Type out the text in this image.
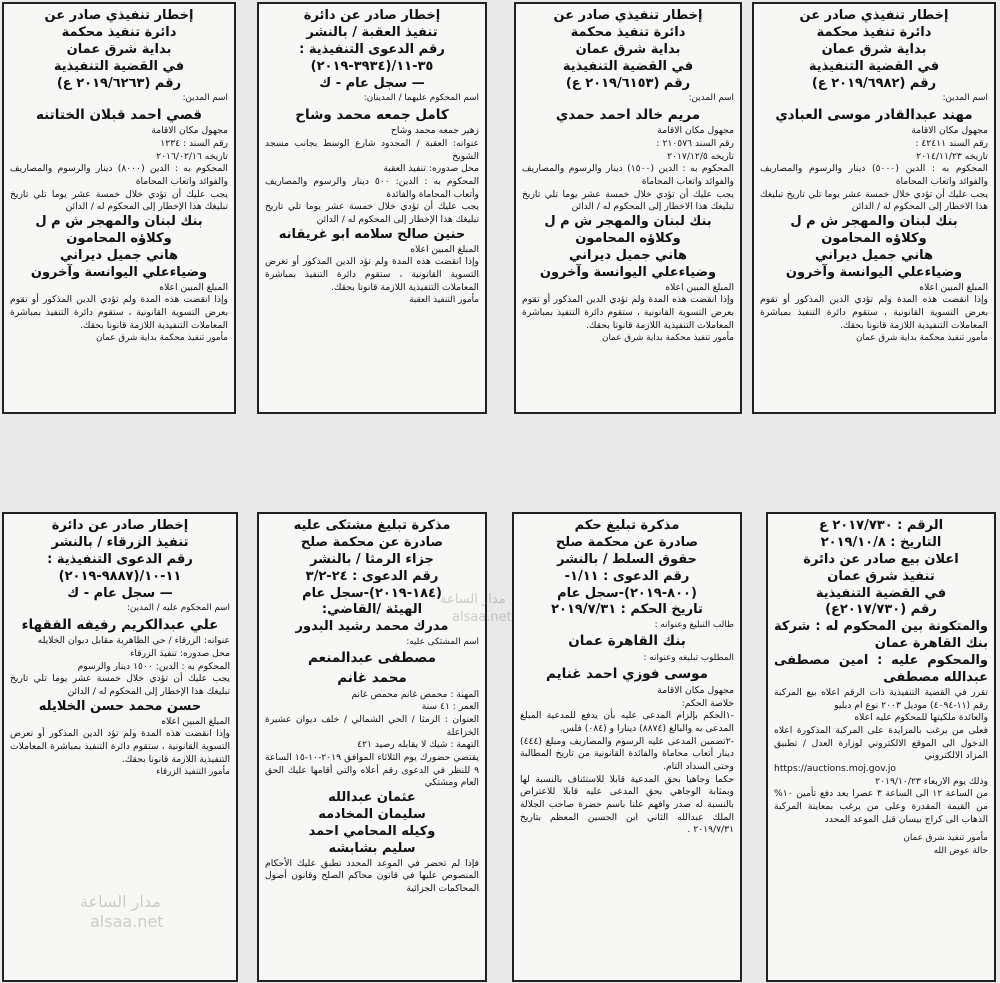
إخطار تنفيذي صادر عن
دائرة تنفيذ محكمة
بداية شرق عمان
في القضية التنفيذية
رقم (٢٠١٩/٦٩٨٢ ع)

اسم المدين:

مهند عبدالقادر موسى العبادي

مجهول مكان الاقامة

رقم السند ٤٢٤١١ :

تاريخه ٢٠١٤/١١/٢٣

المحكوم به : الدين (٥٠٠٠) دينار والرسوم والمصاريف والفوائد واتعاب المحاماة

يجب عليك أن تؤدي خلال خمسة عشر يوما تلي تاريخ تبليغك هذا الاخطار إلى المحكوم له / الدائن

بنك لبنان والمهجر ش م ل
وكلاؤه المحامون
هاني جميل ديراني
وضياءعلي اليوانسة وآخرون

المبلغ المبين اعلاه

وإذا انقضت هذه المدة ولم تؤدي الدين المذكور أو تقوم بعرض التسوية القانونية ، ستقوم دائرة التنفيذ بمباشرة المعاملات التنفيذية اللازمة قانونا بحقك.

مأمور تنفيذ محكمة بداية شرق عمان

إخطار تنفيذي صادر عن
دائرة تنفيذ محكمة
بداية شرق عمان
في القضية التنفيذية
رقم (٢٠١٩/٦١٥٣ ع)

اسم المدين:

مريم خالد احمد حمدي

مجهول مكان الاقامة

رقم السند ٢١٠٥٧٦ :

تاريخه ٢٠١٧/١٢/٥

المحكوم به : الدين (١٥٠٠) دينار والرسوم والمصاريف والفوائد واتعاب المحاماة

يجب عليك أن تؤدي خلال خمسة عشر يوما تلي تاريخ تبليغك هذا الاخطار إلى المحكوم له / الدائن

بنك لبنان والمهجر ش م ل
وكلاؤه المحامون
هاني جميل ديراني
وضياءعلي اليوانسة وآخرون

المبلغ المبين اعلاه

وإذا انقضت هذه المدة ولم تؤدي الدين المذكور أو تقوم بعرض التسوية القانونية ، ستقوم دائرة التنفيذ بمباشرة المعاملات التنفيذية اللازمة قانونا بحقك.

مأمور تنفيذ محكمة بداية شرق عمان

إخطار صادر عن دائرة
تنفيذ العقبة / بالنشر
رقم الدعوى التنفيذية :
٣٥-١١/(٣٩٣٤-٢٠١٩)
— سجل عام - ك

اسم المحكوم عليهما / المدينان:

كامل جمعه محمد وشاح

زهير جمعه محمد وشاح

عنوانه: العقبة / المحدود شارع الوسط بجانب مسجد الشويخ

محل صدوره: تنفيذ العقبة

المحكوم به : الدين: ٥٠٠ دينار والرسوم والمصاريف وأتعاب المحاماة والفائدة

يجب عليك أن تؤدي خلال خمسة عشر يوما تلي تاريخ تبليغك هذا الإخطار إلى المحكوم له / الدائن

حنين صالح سلامه ابو غريقانه

المبلغ المبين اعلاه

وإذا انقضت هذه المدة ولم تؤد الدين المذكور أو تعرض التسوية القانونية ، ستقوم دائرة التنفيذ بمباشرة المعاملات التنفيذية اللازمة قانونا بحقك.

مأمور التنفيذ العقبة

إخطار تنفيذي صادر عن
دائرة تنفيذ محكمة
بداية شرق عمان
في القضية التنفيذية
رقم (٢٠١٩/٦٢٦٣ ع)

اسم المدين:

قصي احمد قبلان الختاتنه

مجهول مكان الاقامة

رقم السند : ١٢٣٤

تاريخه ٢٠١٦/٠٢/١٦

المحكوم به : الدين (٨٠٠٠) دينار والرسوم والمصاريف والفوائد واتعاب المحاماة

يجب عليك أن تؤدي خلال خمسة عشر يوما تلي تاريخ تبليغك هذا الإخطار إلى المحكوم له / الدائن

بنك لبنان والمهجر ش م ل
وكلاؤه المحامون
هاني جميل ديراني
وضياءعلي اليوانسة وآخرون

المبلغ المبين اعلاه

وإذا انقضت هذه المدة ولم تؤدي الدين المذكور أو تقوم بعرض التسوية القانونية ، ستقوم دائرة التنفيذ بمباشرة المعاملات التنفيذية اللازمة قانونا بحقك.

مأمور تنفيذ محكمة بداية شرق عمان

الرقم : ٢٠١٧/٧٣٠ ع
التاريخ : ٢٠١٩/١٠/٨
اعلان بيع صادر عن دائرة
تنفيذ شرق عمان
في القضية التنفيذية
رقم (٢٠١٧/٧٣٠ع)

والمتكونة بين المحكوم له : شركة بنك القاهرة عمان

والمحكوم عليه : امين مصطفى عبدالله مصطفى

تقرر في القضية التنفيذية ذات الرقم اعلاه بيع المركبة رقم (١١-٤٠٩٤) موديل ٢٠٠٣ نوع ام دبليو

والعائدة ملكيتها للمحكوم عليه اعلاه

فعلى من يرغب بالمزايدة على المركبة المذكورة اعلاه الدخول الى الموقع الالكتروني لوزارة العدل / تطبيق المزاد الالكتروني

https://auctions.moj.gov.jo

وذلك يوم الاربعاء ٢٠١٩/١٠/٢٣

من الساعة ١٢ الى الساعة ٣ عصرا بعد دفع تأمين ١٠% من القيمة المقدرة وعلى من يرغب بمعاينة المركبة الذهاب الى كراج بيسان قبل الموعد المحدد

مأمور تنفيذ شرق عمان

حالة عوض الله

مذكرة تبليغ حكم
صادرة عن محكمة صلح
حقوق السلط / بالنشر
رقم الدعوى : ١/١١-
(٨٠٠-٢٠١٩)-سجل عام
تاريخ الحكم : ٢٠١٩/٧/٣١

طالب التبليغ وعنوانه :

بنك القاهرة عمان

المطلوب تبليغه وعنوانه :

موسى فوزي احمد غنايم

مجهول مكان الاقامة

خلاصة الحكم:

-١الحكم بإلزام المدعى عليه بأن يدفع للمدعية المبلغ المدعى به والبالغ (٨٨٧٤) دينارا و (٠٨٤) فلس.

-٢تضمين المدعى عليه الرسوم والمصاريف ومبلغ (٤٤٤) دينار أتعاب محاماة والفائدة القانونية من تاريخ المطالبة وحتى السداد التام.

حكما وجاهيا بحق المدعية قابلا للاستئناف بالنسبة لها وبمثابة الوجاهي بحق المدعى عليه قابلا للاعتراض بالنسبة له صدر وافهم علنا باسم حضرة صاحب الجلالة الملك عبدالله الثاني ابن الحسين المعظم بتاريخ ٢٠١٩/٧/٣١ .

مذكرة تبليغ مشتكى عليه
صادرة عن محكمة صلح
جزاء الرمثا / بالنشر
رقم الدعوى : ٢٤-٣/٢
(١٨٤-٢٠١٩)-سجل عام
الهيئة /القاضي:
مدرك محمد رشيد البدور

اسم المشتكى عليه:

مصطفى عبدالمنعم

محمد غانم

المهنة : محمص غانم محمص غانم

العمر : ٤١ سنة

العنوان : الرمثا / الحي الشمالي / خلف ديوان عشيرة الخزاعلة

التهمة : شيك لا يقابله رصيد ٤٢١

يقتضي حضورك يوم الثلاثاء الموافق ٢٠١٩-١٠-١٥ الساعة ٩ للنظر في الدعوى رقم أعلاه والتي أقامها عليك الحق العام ومشتكي

عثمان عبدالله
سليمان المخادمه
وكيله المحامي احمد
سليم بشابشه

فإذا لم تحضر في الموعد المحدد تطبق عليك الأحكام المنصوص عليها في قانون محاكم الصلح وقانون أصول المحاكمات الجزائية

إخطار صادر عن دائرة
تنفيذ الزرقاء / بالنشر
رقم الدعوى التنفيذية :
١١-١٠/(٩٨٨٧-٢٠١٩)
— سجل عام - ك

اسم المحكوم عليه / المدين:

علي عبدالكريم رفيفه الفقهاء

عنوانه: الزرقاء / حي الظاهرية مقابل ديوان الخلايله

محل صدوره: تنفيذ الزرقاء

المحكوم به : الدين: ١٥٠٠ دينار والرسوم

يجب عليك أن تؤدي خلال خمسة عشر يوما تلي تاريخ تبليغك هذا الإخطار إلى المحكوم له / الدائن

حسن محمد حسن الخلايله

المبلغ المبين اعلاه

وإذا انقضت هذه المدة ولم تؤد الدين المذكور أو تعرض التسوية القانونية ، ستقوم دائرة التنفيذ بمباشرة المعاملات التنفيذية اللازمة قانونا بحقك.

مأمور التنفيذ الزرقاء

مدار الساعة
alsaa.net
مدار الساعة
alsaa.net
